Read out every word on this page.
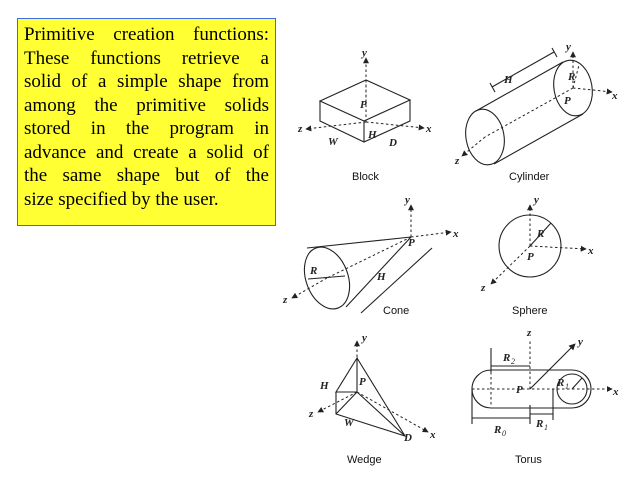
Primitive creation functions:
These functions retrieve a
solid of a simple shape from
among the primitive solids
stored in the program in
advance and create a solid of
the same shape but of the
size specified by the user.

y
z	x
P
W
H
D
Block
y
x
z
H	R
P
Cylinder
y
x
z
P
R	H
Cone
y
x
z
R
P
Sphere
y
x
z
H	P
W
D
Wedge
z
y
x
P
R 2
R 1
R 1
R 0
Torus
